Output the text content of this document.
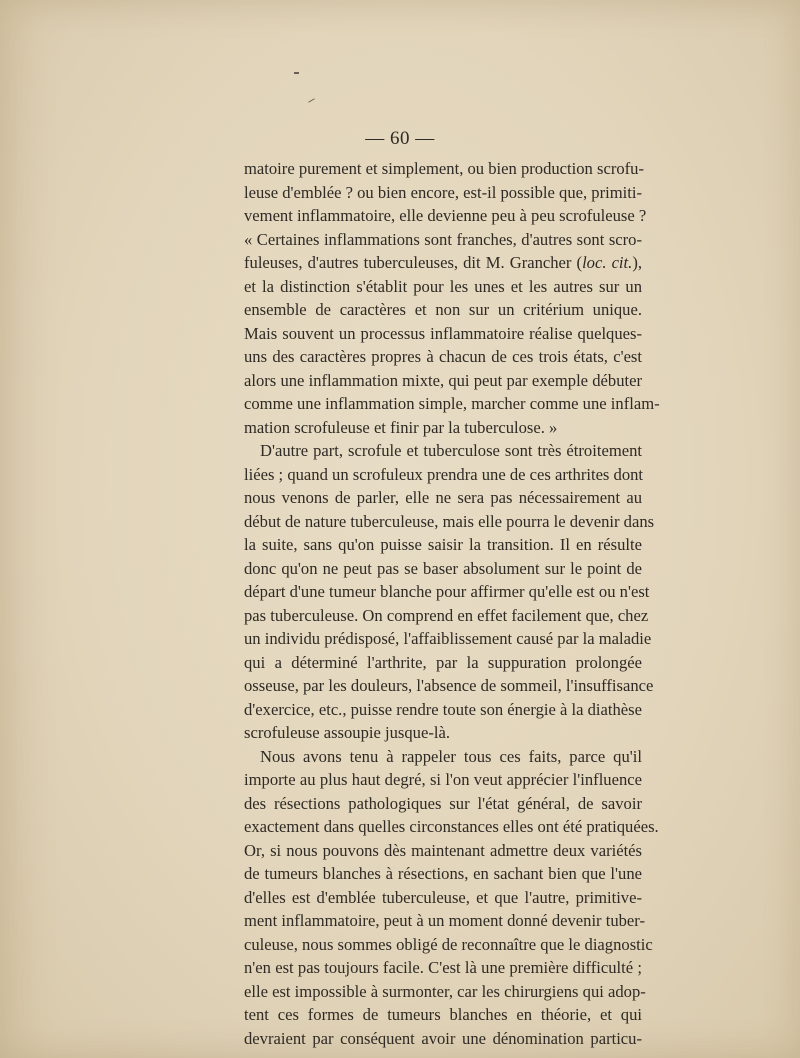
— 60 —
matoire purement et simplement, ou bien production scrofu-
leuse d'emblée ? ou bien encore, est-il possible que, primiti-
vement inflammatoire, elle devienne peu à peu scrofuleuse ?
« Certaines inflammations sont franches, d'autres sont scro-
fuleuses, d'autres tuberculeuses, dit M. Grancher (loc. cit.),
et la distinction s'établit pour les unes et les autres sur un
ensemble de caractères et non sur un critérium unique.
Mais souvent un processus inflammatoire réalise quelques-
uns des caractères propres à chacun de ces trois états, c'est
alors une inflammation mixte, qui peut par exemple débuter
comme une inflammation simple, marcher comme une inflam-
mation scrofuleuse et finir par la tuberculose. »
D'autre part, scrofule et tuberculose sont très étroitement
liées ; quand un scrofuleux prendra une de ces arthrites dont
nous venons de parler, elle ne sera pas nécessairement au
début de nature tuberculeuse, mais elle pourra le devenir dans
la suite, sans qu'on puisse saisir la transition. Il en résulte
donc qu'on ne peut pas se baser absolument sur le point de
départ d'une tumeur blanche pour affirmer qu'elle est ou n'est
pas tuberculeuse. On comprend en effet facilement que, chez
un individu prédisposé, l'affaiblissement causé par la maladie
qui a déterminé l'arthrite, par la suppuration prolongée
osseuse, par les douleurs, l'absence de sommeil, l'insuffisance
d'exercice, etc., puisse rendre toute son énergie à la diathèse
scrofuleuse assoupie jusque-là.
Nous avons tenu à rappeler tous ces faits, parce qu'il
importe au plus haut degré, si l'on veut apprécier l'influence
des résections pathologiques sur l'état général, de savoir
exactement dans quelles circonstances elles ont été pratiquées.
Or, si nous pouvons dès maintenant admettre deux variétés
de tumeurs blanches à résections, en sachant bien que l'une
d'elles est d'emblée tuberculeuse, et que l'autre, primitive-
ment inflammatoire, peut à un moment donné devenir tuber-
culeuse, nous sommes obligé de reconnaître que le diagnostic
n'en est pas toujours facile. C'est là une première difficulté ;
elle est impossible à surmonter, car les chirurgiens qui adop-
tent ces formes de tumeurs blanches en théorie, et qui
devraient par conséquent avoir une dénomination particu-
